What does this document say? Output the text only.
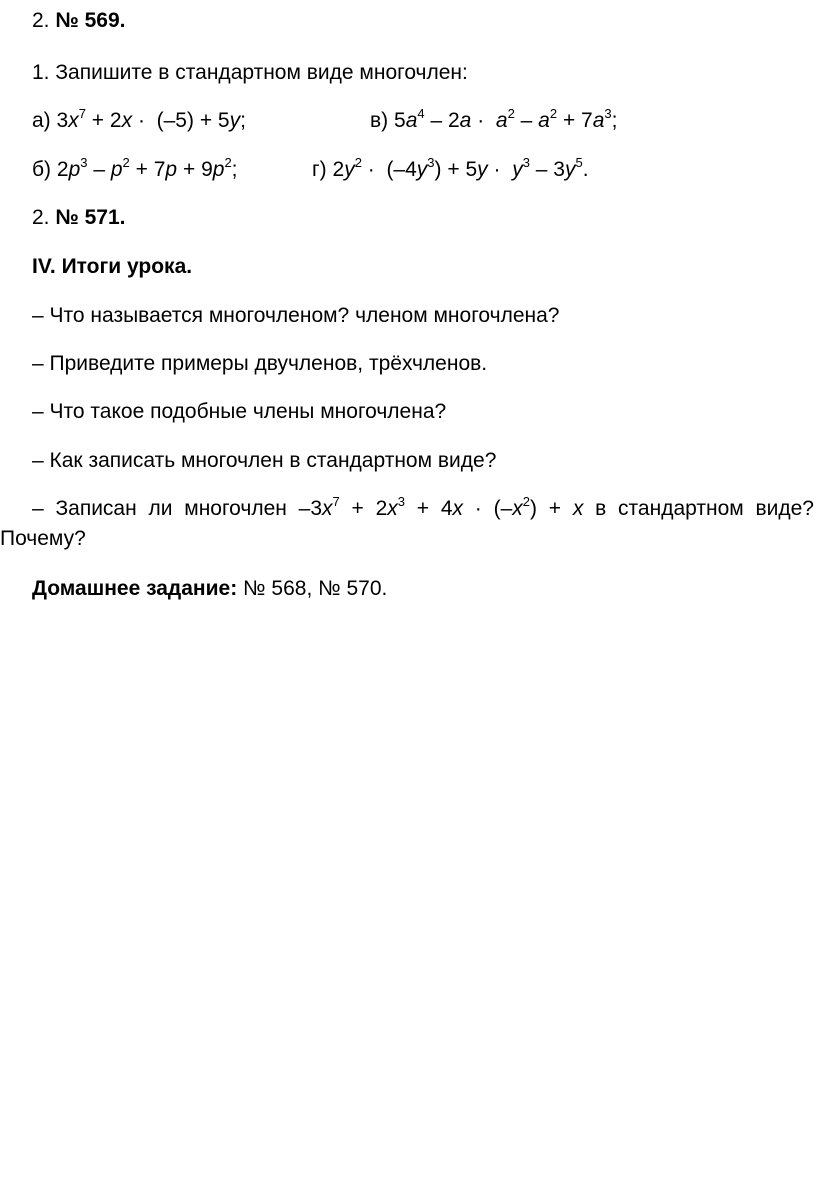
2. № 569.
1. Запишите в стандартном виде многочлен:
а) $3x^7 + 2x \cdot (-5) + 5y$;	в) $5a^4 - 2a \cdot a^2 - a^2 + 7a^3$;
б) $2p^3 - p^2 + 7p + 9p^2$;	г) $2y^2 \cdot (-4y^3) + 5y \cdot y^3 - 3y^5$.
2. № 571.
IV. Итоги урока.
– Что называется многочленом? членом многочлена?
– Приведите примеры двучленов, трёхчленов.
– Что такое подобные члены многочлена?
– Как записать многочлен в стандартном виде?
– Записан ли многочлен $-3x^7 + 2x^3 + 4x \cdot (-x^2) + x$ в стандартном виде?
Почему?
Домашнее задание: № 568, № 570.
